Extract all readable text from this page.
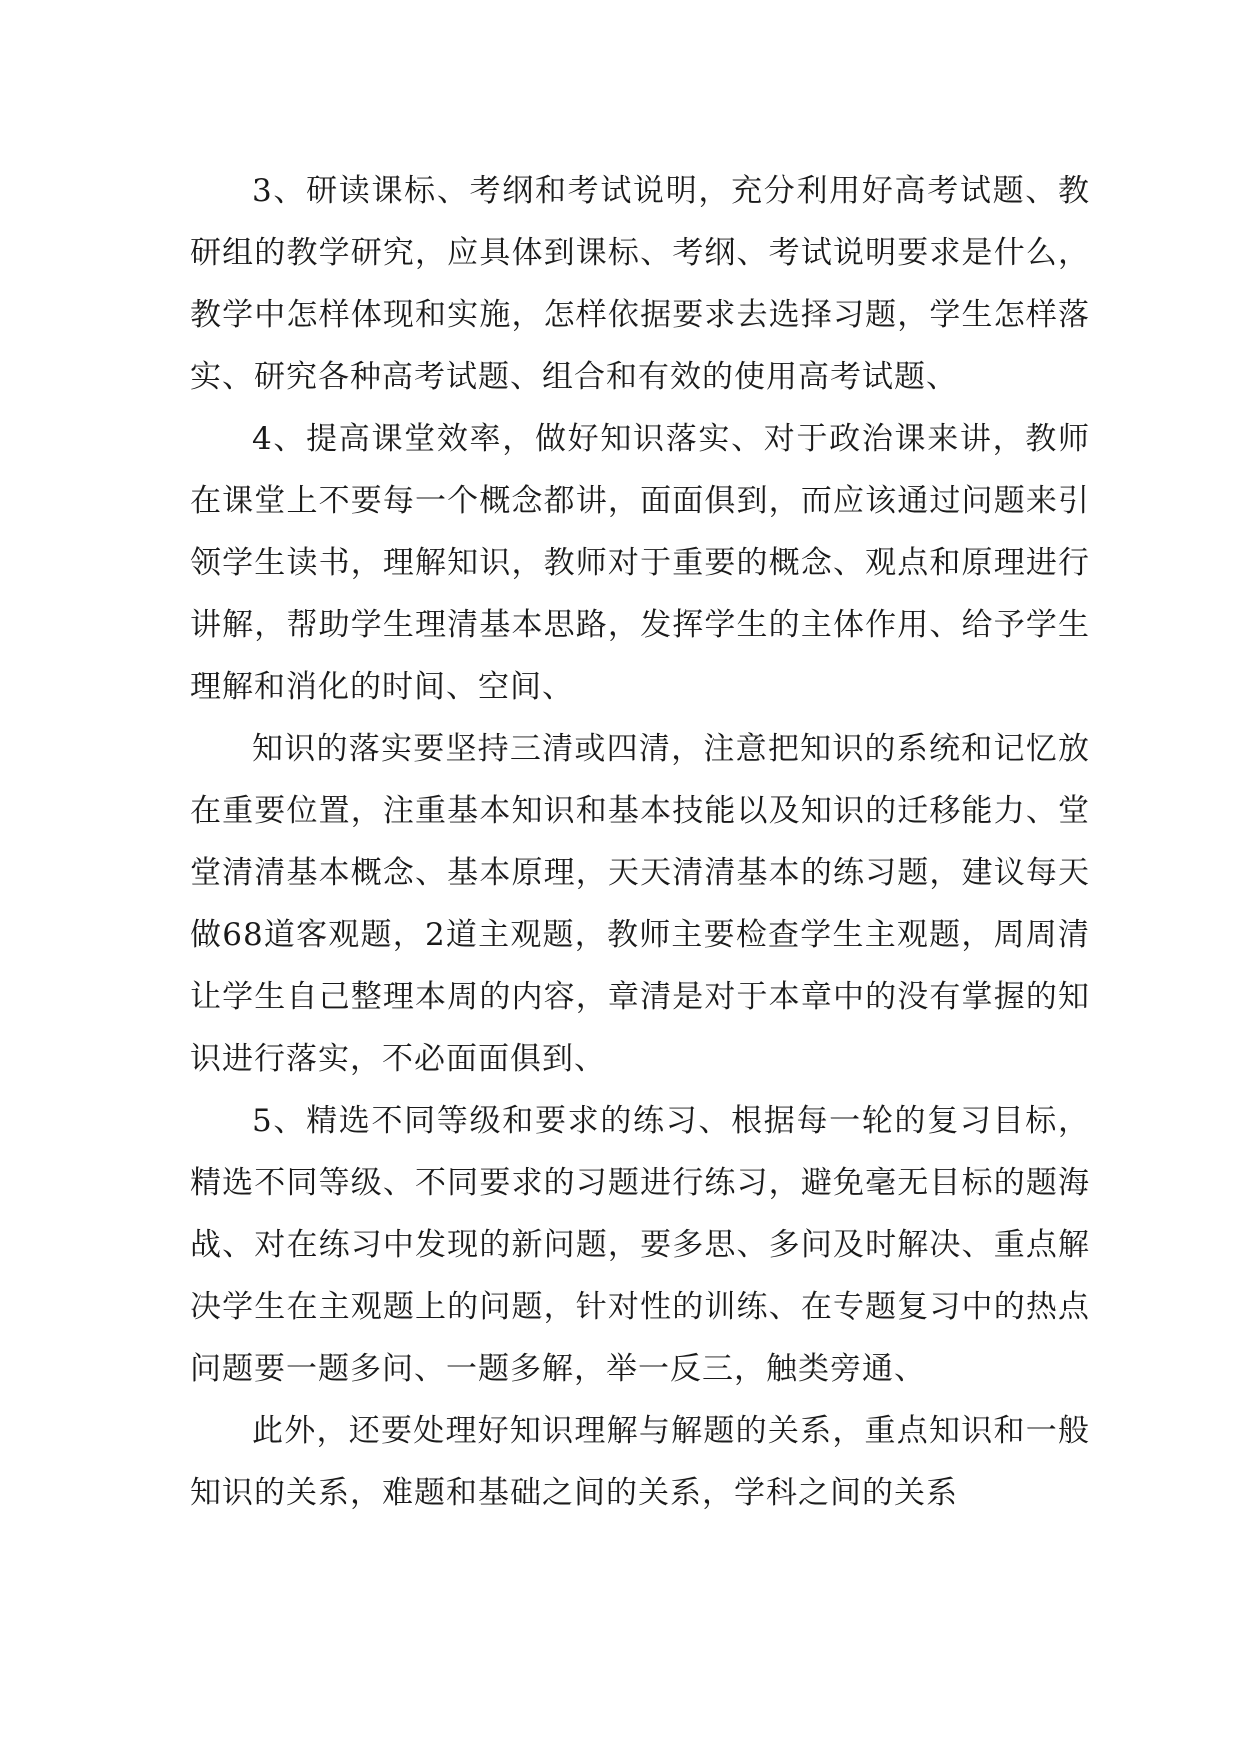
3、研读课标、考纲和考试说明，充分利用好高考试题、教研组的教学研究，应具体到课标、考纲、考试说明要求是什么，教学中怎样体现和实施，怎样依据要求去选择习题，学生怎样落实、研究各种高考试题、组合和有效的使用高考试题、

4、提高课堂效率，做好知识落实、对于政治课来讲，教师在课堂上不要每一个概念都讲，面面俱到，而应该通过问题来引领学生读书，理解知识，教师对于重要的概念、观点和原理进行讲解，帮助学生理清基本思路，发挥学生的主体作用、给予学生理解和消化的时间、空间、

知识的落实要坚持三清或四清，注意把知识的系统和记忆放在重要位置，注重基本知识和基本技能以及知识的迁移能力、堂堂清清基本概念、基本原理，天天清清基本的练习题，建议每天做68道客观题，2道主观题，教师主要检查学生主观题，周周清让学生自己整理本周的内容，章清是对于本章中的没有掌握的知识进行落实，不必面面俱到、

5、精选不同等级和要求的练习、根据每一轮的复习目标，精选不同等级、不同要求的习题进行练习，避免毫无目标的题海战、对在练习中发现的新问题，要多思、多问及时解决、重点解决学生在主观题上的问题，针对性的训练、在专题复习中的热点问题要一题多问、一题多解，举一反三，触类旁通、

此外，还要处理好知识理解与解题的关系，重点知识和一般知识的关系，难题和基础之间的关系，学科之间的关系
